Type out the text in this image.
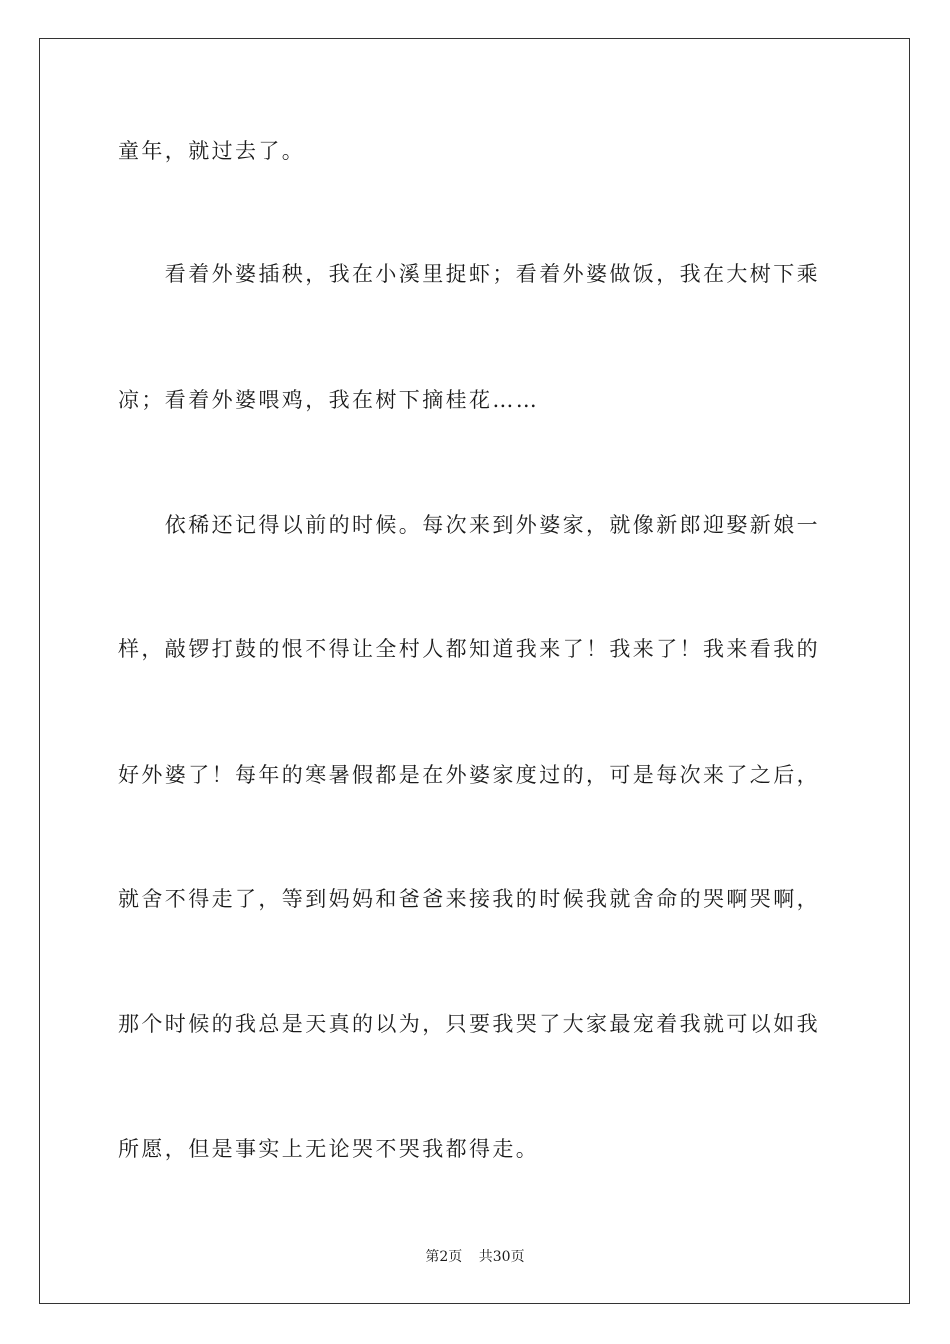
童年，就过去了。
　　看着外婆插秧，我在小溪里捉虾；看着外婆做饭，我在大树下乘
凉；看着外婆喂鸡，我在树下摘桂花……
　　依稀还记得以前的时候。每次来到外婆家，就像新郎迎娶新娘一
样，敲锣打鼓的恨不得让全村人都知道我来了！我来了！我来看我的
好外婆了！每年的寒暑假都是在外婆家度过的，可是每次来了之后，
就舍不得走了，等到妈妈和爸爸来接我的时候我就舍命的哭啊哭啊，
那个时候的我总是天真的以为，只要我哭了大家最宠着我就可以如我
所愿，但是事实上无论哭不哭我都得走。
第2页 共30页
